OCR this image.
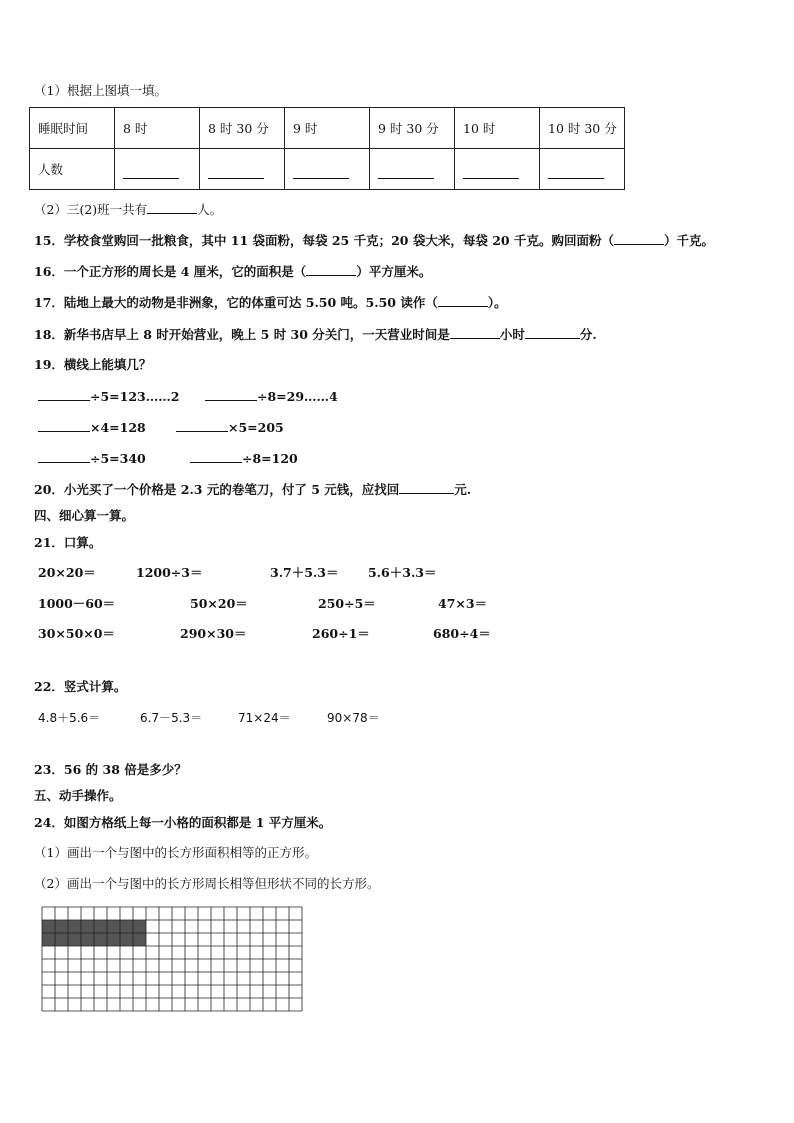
（1）根据上图填一填。
睡眠时间	8 时	8 时 30 分	9 时	9 时 30 分	10 时	10 时 30 分
人数						
（2）三(2)班一共有	人。
15．学校食堂购回一批粮食，其中 11 袋面粉，每袋 25 千克；20 袋大米，每袋 20 千克。购回面粉（	）千克。
16．一个正方形的周长是 4 厘米，它的面积是（	）平方厘米。
17．陆地上最大的动物是非洲象，它的体重可达 5.50 吨。5.50 读作（	）。
18．新华书店早上 8 时开始营业，晚上 5 时 30 分关门，一天营业时间是	小时	分.
19．横线上能填几？
÷5=123……2	÷8=29……4
×4=128	×5=205
÷5=340	÷8=120
20．小光买了一个价格是 2.3 元的卷笔刀，付了 5 元钱，应找回	元.
四、细心算一算。
21．口算。
20×20＝	1200÷3＝	3.7＋5.3＝ 5.6＋3.3＝
1000－60＝	50×20＝	250÷5＝	47×3＝
30×50×0＝	290×30＝	260÷1＝	680÷4＝
22．竖式计算。
4.8＋5.6＝	6.7－5.3＝	71×24＝	90×78＝
23．56 的 38 倍是多少？
五、动手操作。
24．如图方格纸上每一小格的面积都是 1 平方厘米。
（1）画出一个与图中的长方形面积相等的正方形。
（2）画出一个与图中的长方形周长相等但形状不同的长方形。
